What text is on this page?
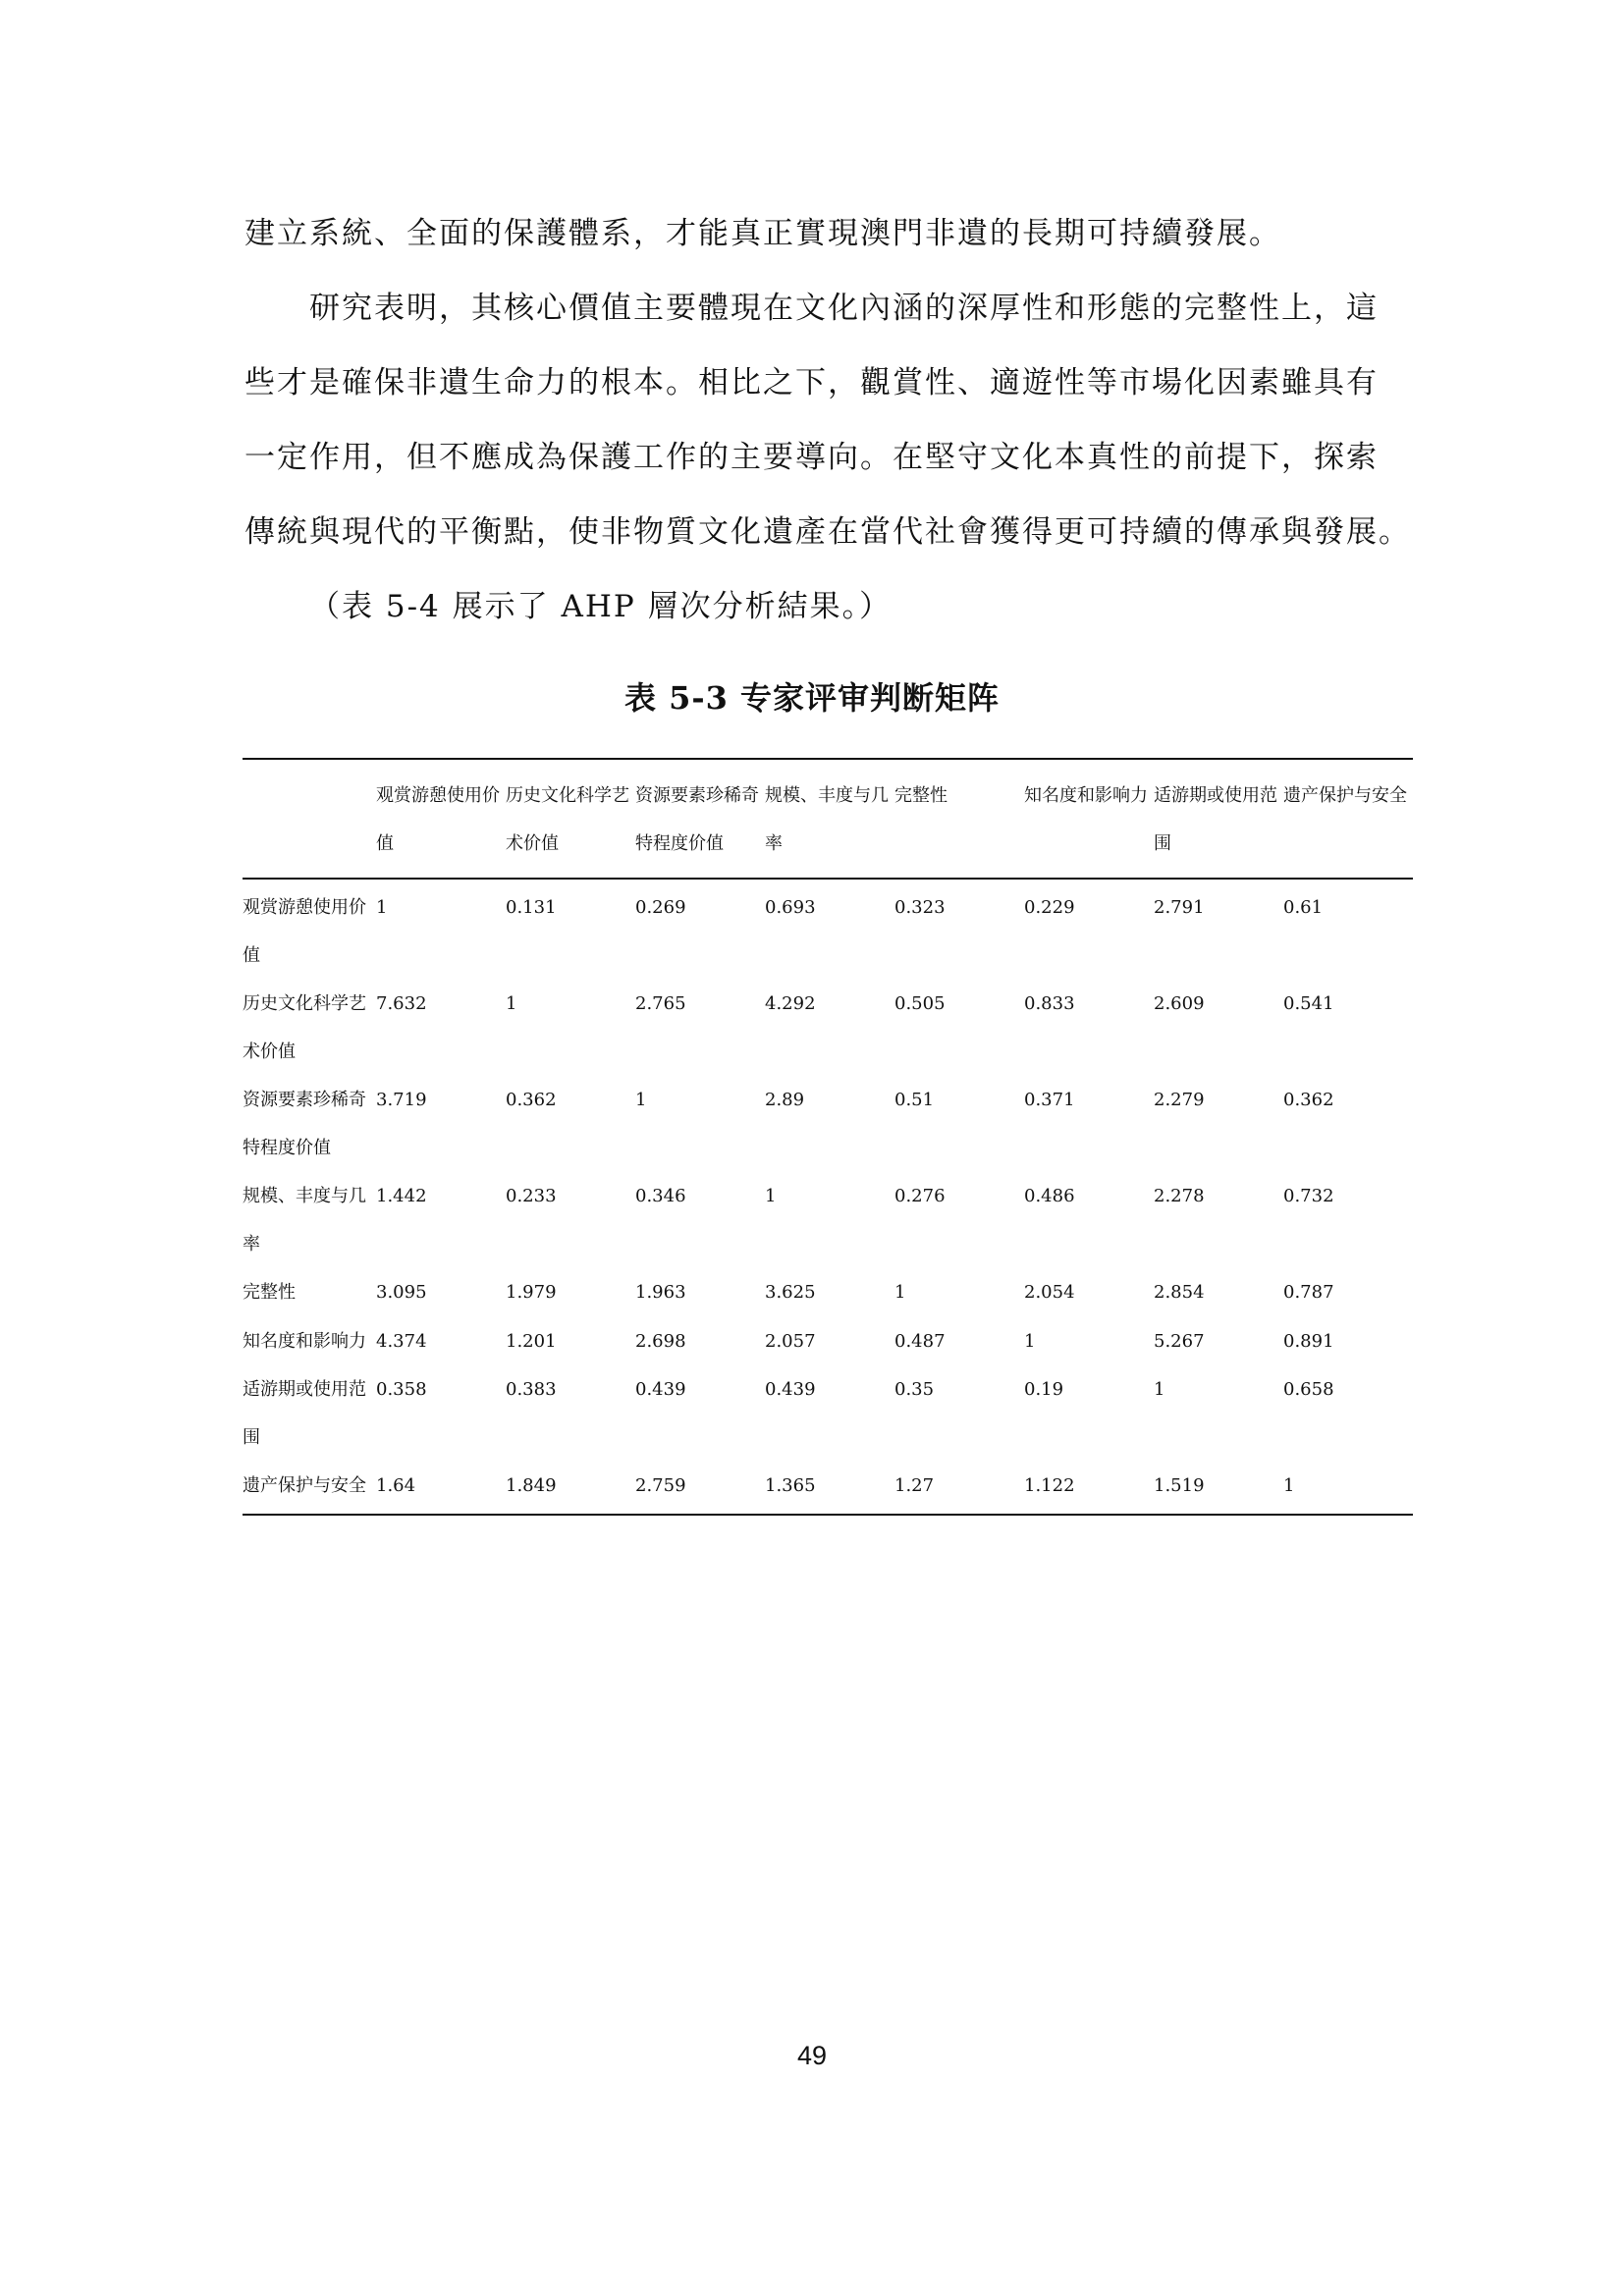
建立系統、全面的保護體系，才能真正實現澳門非遺的長期可持續發展。

研究表明，其核心價值主要體現在文化內涵的深厚性和形態的完整性上，這

些才是確保非遺生命力的根本。相比之下，觀賞性、適遊性等市場化因素雖具有

一定作用，但不應成為保護工作的主要導向。在堅守文化本真性的前提下，探索

傳統與現代的平衡點，使非物質文化遺產在當代社會獲得更可持續的傳承與發展。

（表 5-4 展示了 AHP 層次分析結果。）

表 5-3 专家评审判断矩阵
	观赏游憩使用价值	历史文化科学艺术价值	资源要素珍稀奇特程度价值	规模、丰度与几率	完整性	知名度和影响力	适游期或使用范围	遗产保护与安全
观赏游憩使用价值	1	0.131	0.269	0.693	0.323	0.229	2.791	0.61
历史文化科学艺术价值	7.632	1	2.765	4.292	0.505	0.833	2.609	0.541
资源要素珍稀奇特程度价值	3.719	0.362	1	2.89	0.51	0.371	2.279	0.362
规模、丰度与几率	1.442	0.233	0.346	1	0.276	0.486	2.278	0.732
完整性	3.095	1.979	1.963	3.625	1	2.054	2.854	0.787
知名度和影响力	4.374	1.201	2.698	2.057	0.487	1	5.267	0.891
适游期或使用范围	0.358	0.383	0.439	0.439	0.35	0.19	1	0.658
遗产保护与安全	1.64	1.849	2.759	1.365	1.27	1.122	1.519	1
49
